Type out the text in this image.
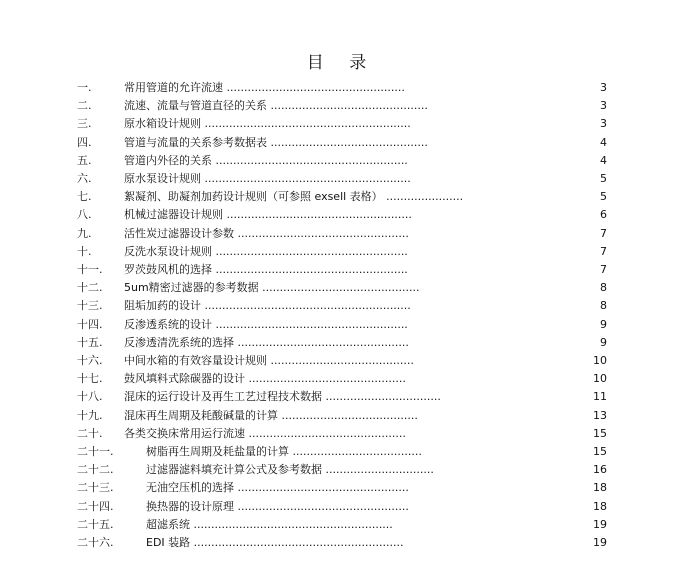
目 录
一.	常用管道的允许流速 ...................................................	3
二.	流速、流量与管道直径的关系 .............................................	3
三.	原水箱设计规则 ...........................................................	3
四.	管道与流量的关系参考数据表 .............................................	4
五.	管道内外径的关系 .......................................................	4
六.	原水泵设计规则 ...........................................................	5
七.	絮凝剂、助凝剂加药设计规则（可参照 exsell 表格） ......................	5
八.	机械过滤器设计规则 .....................................................	6
九.	活性炭过滤器设计参数 .................................................	7
十.	反洗水泵设计规则 .......................................................	7
十一. 罗茨鼓风机的选择 .......................................................	7
十二. 5um精密过滤器的参考数据 .............................................	8
十三. 阻垢加药的设计 ...........................................................	8
十四. 反渗透系统的设计 .......................................................	9
十五. 反渗透清洗系统的选择 .................................................	9
十六. 中间水箱的有效容量设计规则 .........................................	10
十七. 鼓风填料式除碳器的设计 .............................................	10
十八. 混床的运行设计及再生工艺过程技术数据 .................................	11
十九. 混床再生周期及耗酸碱量的计算 .......................................	13
二十. 各类交换床常用运行流速 .............................................	15
二十一.	树脂再生周期及耗盐量的计算 .....................................	15
二十二.	过滤器滤料填充计算公式及参考数据 ...............................	16
二十三.	无油空压机的选择 .................................................	18
二十四.	换热器的设计原理 .................................................	18
二十五.	超滤系统 .........................................................	19
二十六.	EDI 装路 ............................................................	19
